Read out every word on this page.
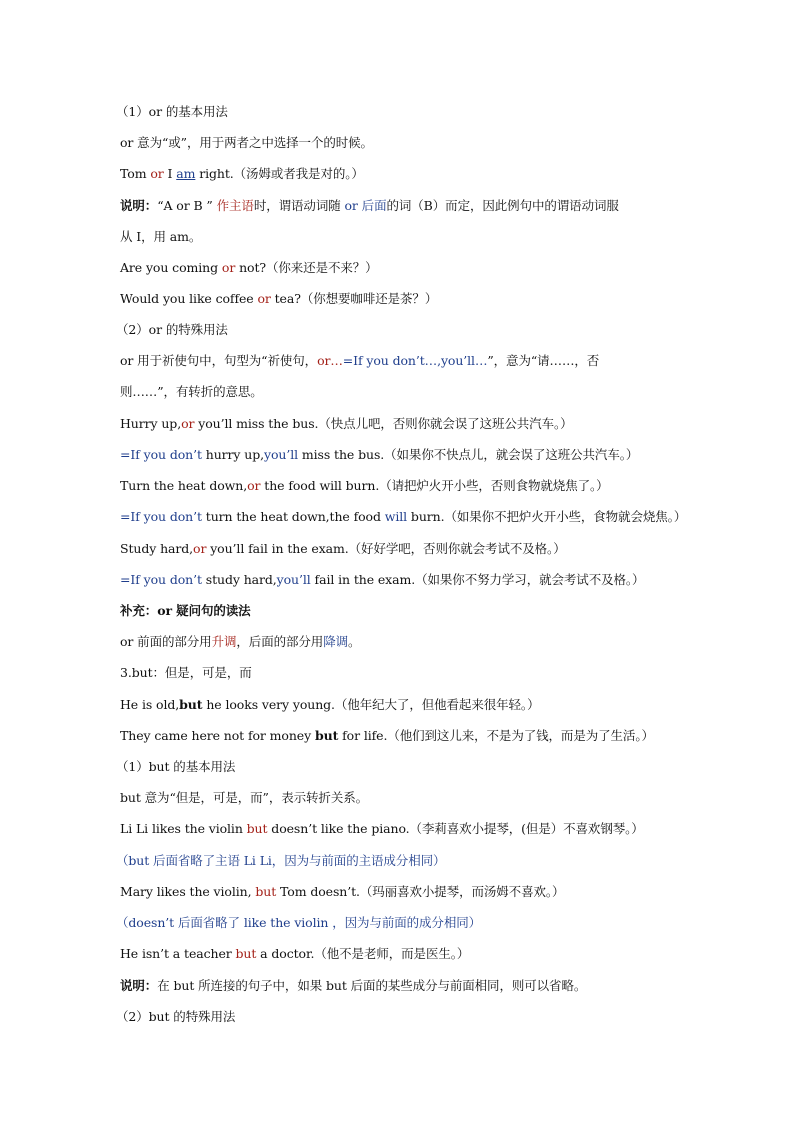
（1）or 的基本用法
or 意为“或”，用于两者之中选择一个的时候。
Tom or I am right.（汤姆或者我是对的。）
说明：“A or B ” 作主语时，谓语动词随 or 后面的词（B）而定，因此例句中的谓语动词服
从 I，用 am。
Are you coming or not?（你来还是不来？）
Would you like coffee or tea?（你想要咖啡还是茶？）
（2）or 的特殊用法
or 用于祈使句中，句型为“祈使句，or…=If you don’t…,you’ll…”，意为“请……，否
则……”，有转折的意思。
Hurry up,or you’ll miss the bus.（快点儿吧，否则你就会误了这班公共汽车。）
=If you don’t hurry up,you’ll miss the bus.（如果你不快点儿，就会误了这班公共汽车。）
Turn the heat down,or the food will burn.（请把炉火开小些，否则食物就烧焦了。）
=If you don’t turn the heat down,the food will burn.（如果你不把炉火开小些，食物就会烧焦。）
Study hard,or you’ll fail in the exam.（好好学吧，否则你就会考试不及格。）
=If you don’t study hard,you’ll fail in the exam.（如果你不努力学习，就会考试不及格。）
补充：or 疑问句的读法
or 前面的部分用升调，后面的部分用降调。
3.but：但是，可是，而
He is old,but he looks very young.（他年纪大了，但他看起来很年轻。）
They came here not for money but for life.（他们到这儿来，不是为了钱，而是为了生活。）
（1）but 的基本用法
but 意为“但是，可是，而”，表示转折关系。
Li Li likes the violin but doesn’t like the piano.（李莉喜欢小提琴，(但是）不喜欢钢琴。）
（but 后面省略了主语 Li Li，因为与前面的主语成分相同）
Mary likes the violin, but Tom doesn’t.（玛丽喜欢小提琴，而汤姆不喜欢。）
（doesn’t 后面省略了 like the violin ，因为与前面的成分相同）
He isn’t a teacher but a doctor.（他不是老师，而是医生。）
说明：在 but 所连接的句子中，如果 but 后面的某些成分与前面相同，则可以省略。
（2）but 的特殊用法
